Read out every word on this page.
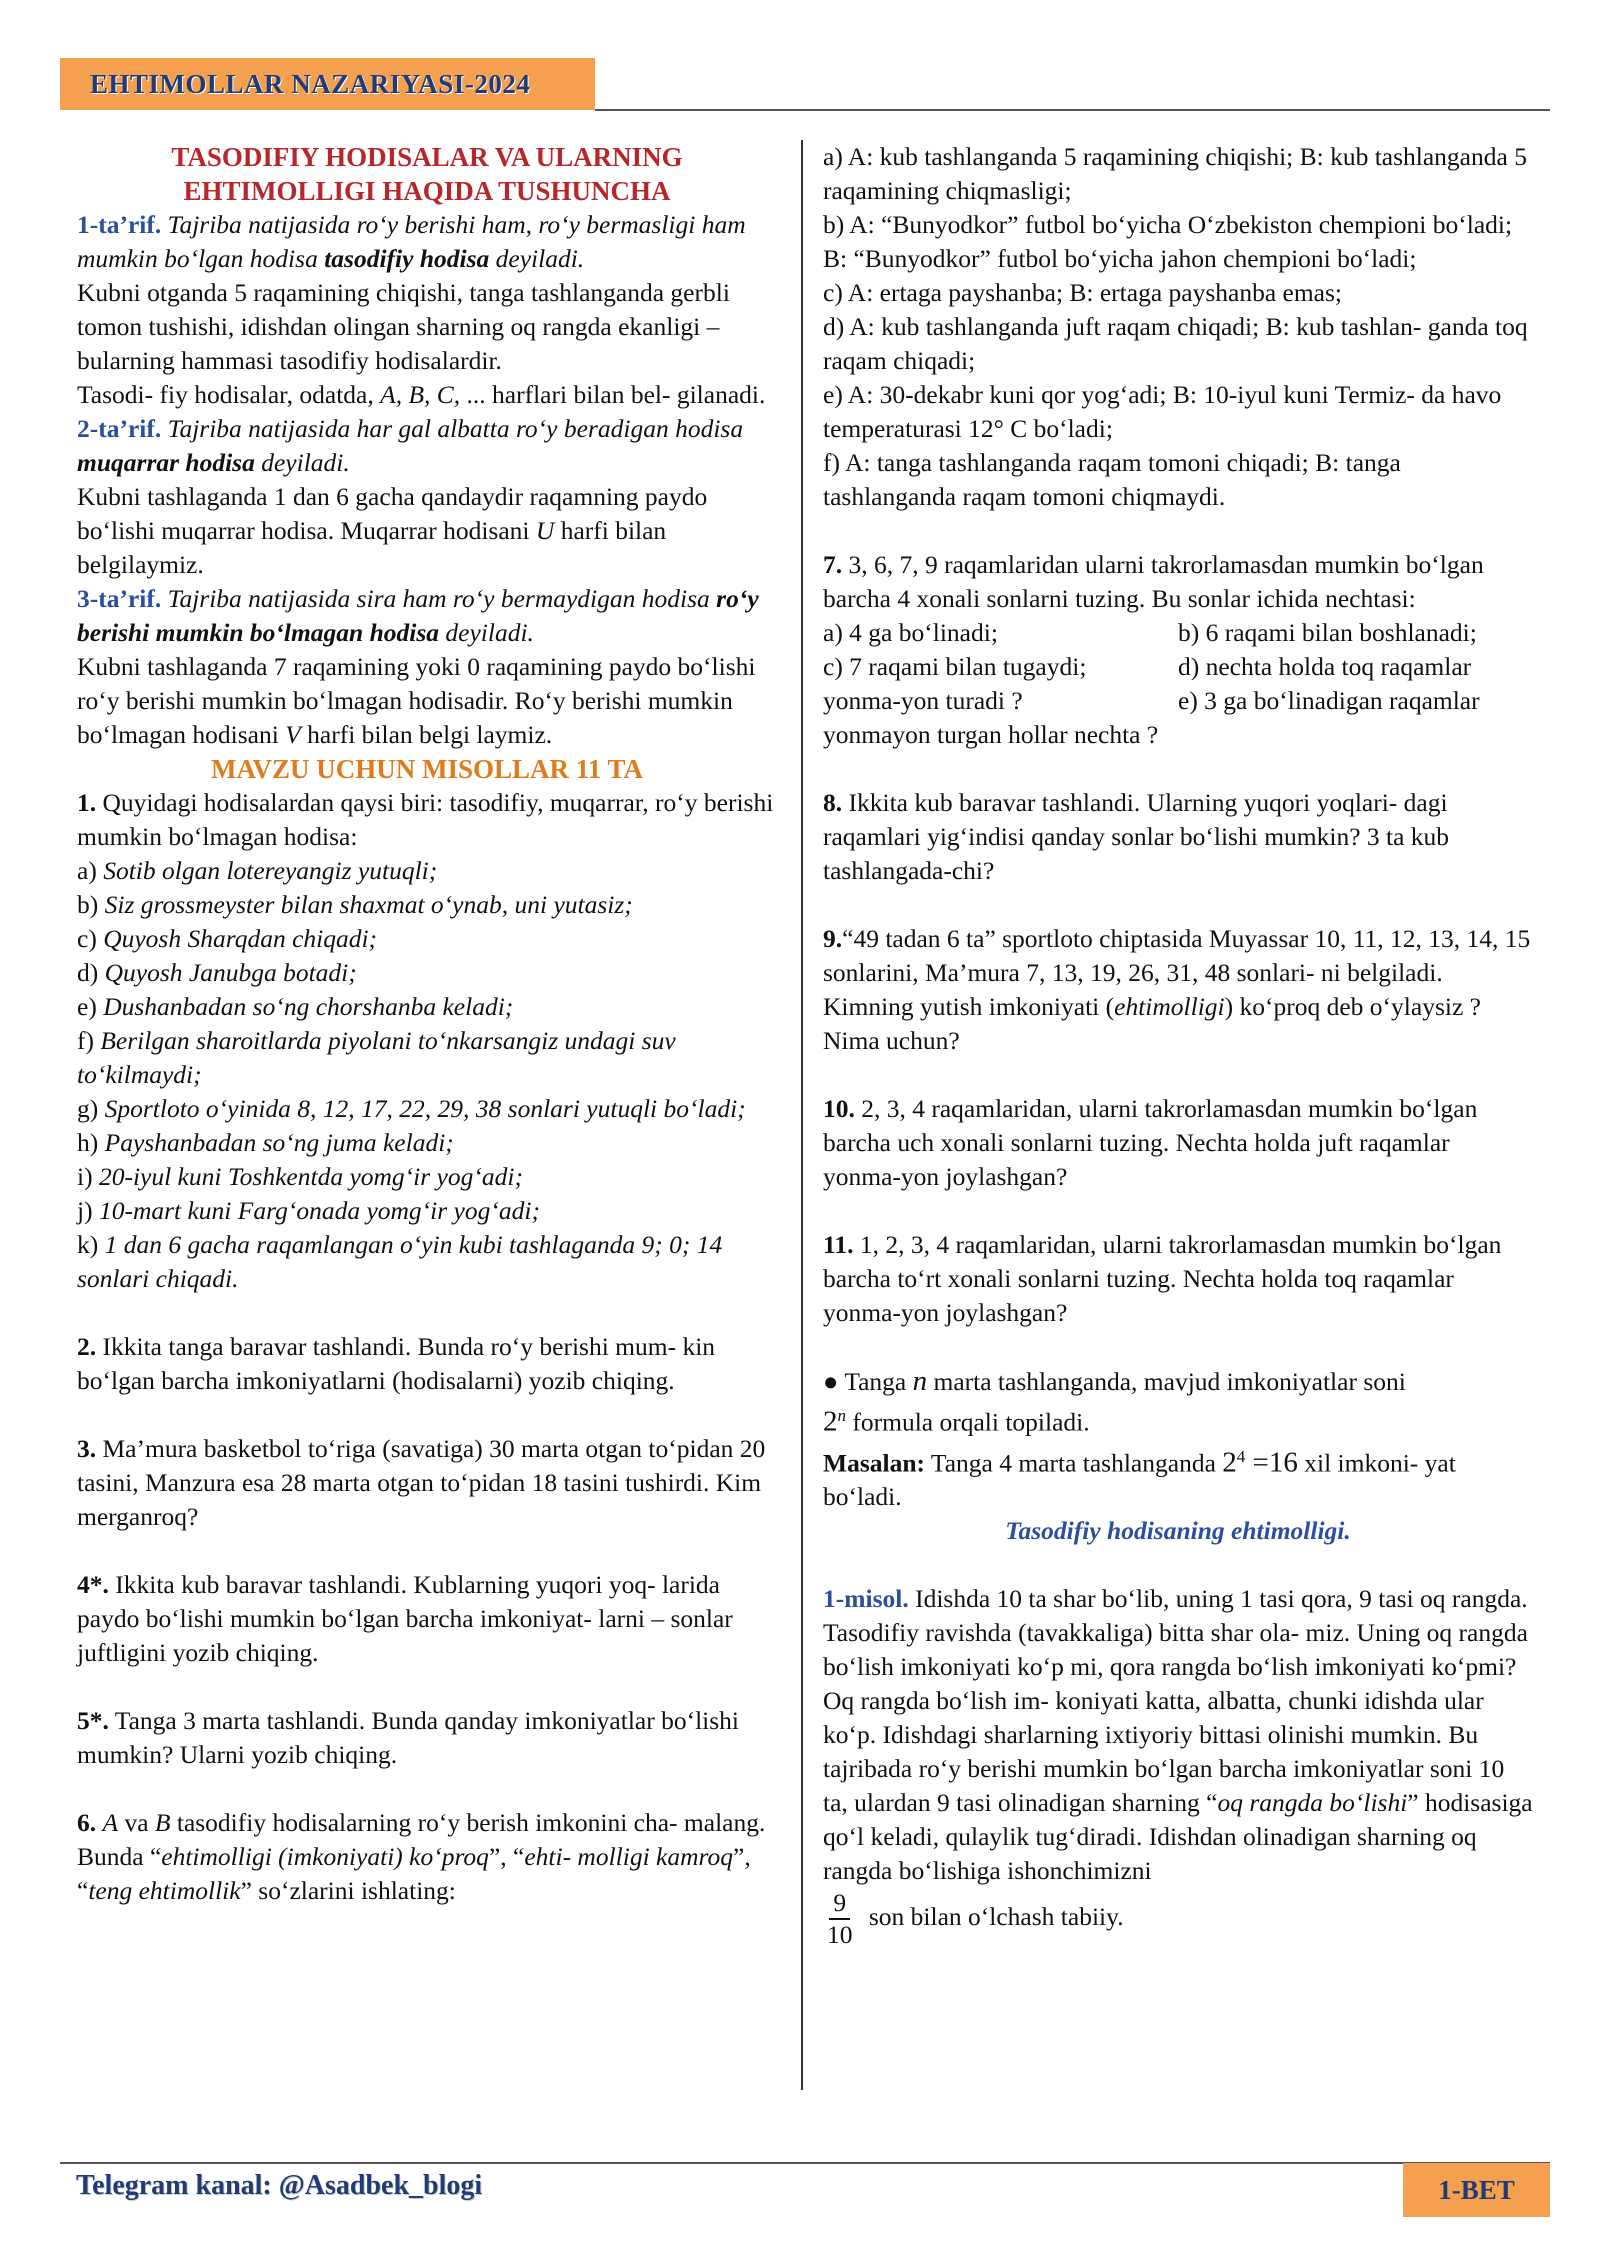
EHTIMOLLAR NAZARIYASI-2024

TASODIFIY HODISALAR VA ULARNING

EHTIMOLLIGI HAQIDA TUSHUNCHA

1-ta’rif. Tajriba natijasida ro‘y berishi ham, ro‘y bermasligi ham mumkin bo‘lgan hodisa tasodifiy hodisa deyiladi.

Kubni otganda 5 raqamining chiqishi, tanga tashlanganda gerbli tomon tushishi, idishdan olingan sharning oq rangda ekanligi – bularning hammasi tasodifiy hodisalardir.

Tasodi- fiy hodisalar, odatda, A, B, C, ... harflari bilan bel- gilanadi.

2-ta’rif. Tajriba natijasida har gal albatta ro‘y beradigan hodisa muqarrar hodisa deyiladi.

Kubni tashlaganda 1 dan 6 gacha qandaydir raqamning paydo bo‘lishi muqarrar hodisa. Muqarrar hodisani U harfi bilan belgilaymiz.

3-ta’rif. Tajriba natijasida sira ham ro‘y bermaydigan hodisa ro‘y berishi mumkin bo‘lmagan hodisa deyiladi.

Kubni tashlaganda 7 raqamining yoki 0 raqamining paydo bo‘lishi ro‘y berishi mumkin bo‘lmagan hodisadir. Ro‘y berishi mumkin bo‘lmagan hodisani V harfi bilan belgi laymiz.

MAVZU UCHUN MISOLLAR 11 TA

1. Quyidagi hodisalardan qaysi biri: tasodifiy, muqarrar, ro‘y berishi mumkin bo‘lmagan hodisa:

a) Sotib olgan lotereyangiz yutuqli;

b) Siz grossmeyster bilan shaxmat o‘ynab, uni yutasiz;

c) Quyosh Sharqdan chiqadi;

d) Quyosh Janubga botadi;

e) Dushanbadan so‘ng chorshanba keladi;

f) Berilgan sharoitlarda piyolani to‘nkarsangiz undagi suv to‘kilmaydi;

g) Sportloto o‘yinida 8, 12, 17, 22, 29, 38 sonlari yutuqli bo‘ladi;

h) Payshanbadan so‘ng juma keladi;

i) 20-iyul kuni Toshkentda yomg‘ir yog‘adi;

j) 10-mart kuni Farg‘onada yomg‘ir yog‘adi;

k) 1 dan 6 gacha raqamlangan o‘yin kubi tashlaganda 9; 0; 14 sonlari chiqadi.

2. Ikkita tanga baravar tashlandi. Bunda ro‘y berishi mum- kin bo‘lgan barcha imkoniyatlarni (hodisalarni) yozib chiqing.

3. Ma’mura basketbol to‘riga (savatiga) 30 marta otgan to‘pidan 20 tasini, Manzura esa 28 marta otgan to‘pidan 18 tasini tushirdi. Kim merganroq?

4*. Ikkita kub baravar tashlandi. Kublarning yuqori yoq- larida paydo bo‘lishi mumkin bo‘lgan barcha imkoniyat- larni – sonlar juftligini yozib chiqing.

5*. Tanga 3 marta tashlandi. Bunda qanday imkoniyatlar bo‘lishi mumkin? Ularni yozib chiqing.

6. A va B tasodifiy hodisalarning ro‘y berish imkonini cha- malang. Bunda “ehtimolligi (imkoniyati) ko‘proq”, “ehti- molligi kamroq”, “teng ehtimollik” so‘zlarini ishlating:

a) A: kub tashlanganda 5 raqamining chiqishi; B: kub tashlanganda 5 raqamining chiqmasligi;

b) A: “Bunyodkor” futbol bo‘yicha O‘zbekiston chempioni bo‘ladi; B: “Bunyodkor” futbol bo‘yicha jahon chempioni bo‘ladi;

c) A: ertaga payshanba; B: ertaga payshanba emas;

d) A: kub tashlanganda juft raqam chiqadi; B: kub tashlan- ganda toq raqam chiqadi;

e) A: 30-dekabr kuni qor yog‘adi; B: 10-iyul kuni Termiz- da havo temperaturasi 12° C bo‘ladi;

f) A: tanga tashlanganda raqam tomoni chiqadi; B: tanga tashlanganda raqam tomoni chiqmaydi.

7. 3, 6, 7, 9 raqamlaridan ularni takrorlamasdan mumkin bo‘lgan barcha 4 xonali sonlarni tuzing. Bu sonlar ichida nechtasi:

a) 4 ga bo‘linadi;	b) 6 raqami bilan boshlanadi;

c) 7 raqami bilan tugaydi;	d) nechta holda toq raqamlar

yonma-yon turadi ?	e) 3 ga bo‘linadigan raqamlar

yonmayon turgan hollar nechta ?

8. Ikkita kub baravar tashlandi. Ularning yuqori yoqlari- dagi raqamlari yig‘indisi qanday sonlar bo‘lishi mumkin? 3 ta kub tashlangada-chi?

9.“49 tadan 6 ta” sportloto chiptasida Muyassar 10, 11, 12, 13, 14, 15 sonlarini, Ma’mura 7, 13, 19, 26, 31, 48 sonlari- ni belgiladi. Kimning yutish imkoniyati (ehtimolligi) ko‘proq deb o‘ylaysiz ? Nima uchun?

10. 2, 3, 4 raqamlaridan, ularni takrorlamasdan mumkin bo‘lgan barcha uch xonali sonlarni tuzing. Nechta holda juft raqamlar yonma-yon joylashgan?

11. 1, 2, 3, 4 raqamlaridan, ularni takrorlamasdan mumkin bo‘lgan barcha to‘rt xonali sonlarni tuzing. Nechta holda toq raqamlar yonma-yon joylashgan?

● Tanga n marta tashlanganda, mavjud imkoniyatlar soni

2$^n$ formula orqali topiladi.

Masalan: Tanga 4 marta tashlanganda $2^4 =16$ xil imkoni- yat bo‘ladi.

Tasodifiy hodisaning ehtimolligi.

1-misol. Idishda 10 ta shar bo‘lib, uning 1 tasi qora, 9 tasi oq rangda. Tasodifiy ravishda (tavakkaliga) bitta shar ola- miz. Uning oq rangda bo‘lish imkoniyati ko‘p mi, qora rangda bo‘lish imkoniyati ko‘pmi? Oq rangda bo‘lish im- koniyati katta, albatta, chunki idishda ular ko‘p. Idishdagi sharlarning ixtiyoriy bittasi olinishi mumkin. Bu tajribada ro‘y berishi mumkin bo‘lgan barcha imkoniyatlar soni 10 ta, ulardan 9 tasi olinadigan sharning “oq rangda bo‘lishi” hodisasiga qo‘l keladi, qulaylik tug‘diradi. Idishdan olinadigan sharning oq rangda bo‘lishiga ishonchimizni

$\frac{9}{10}$ son bilan o‘lchash tabiiy.

Telegram kanal: @Asadbek_blogi	1-BET
